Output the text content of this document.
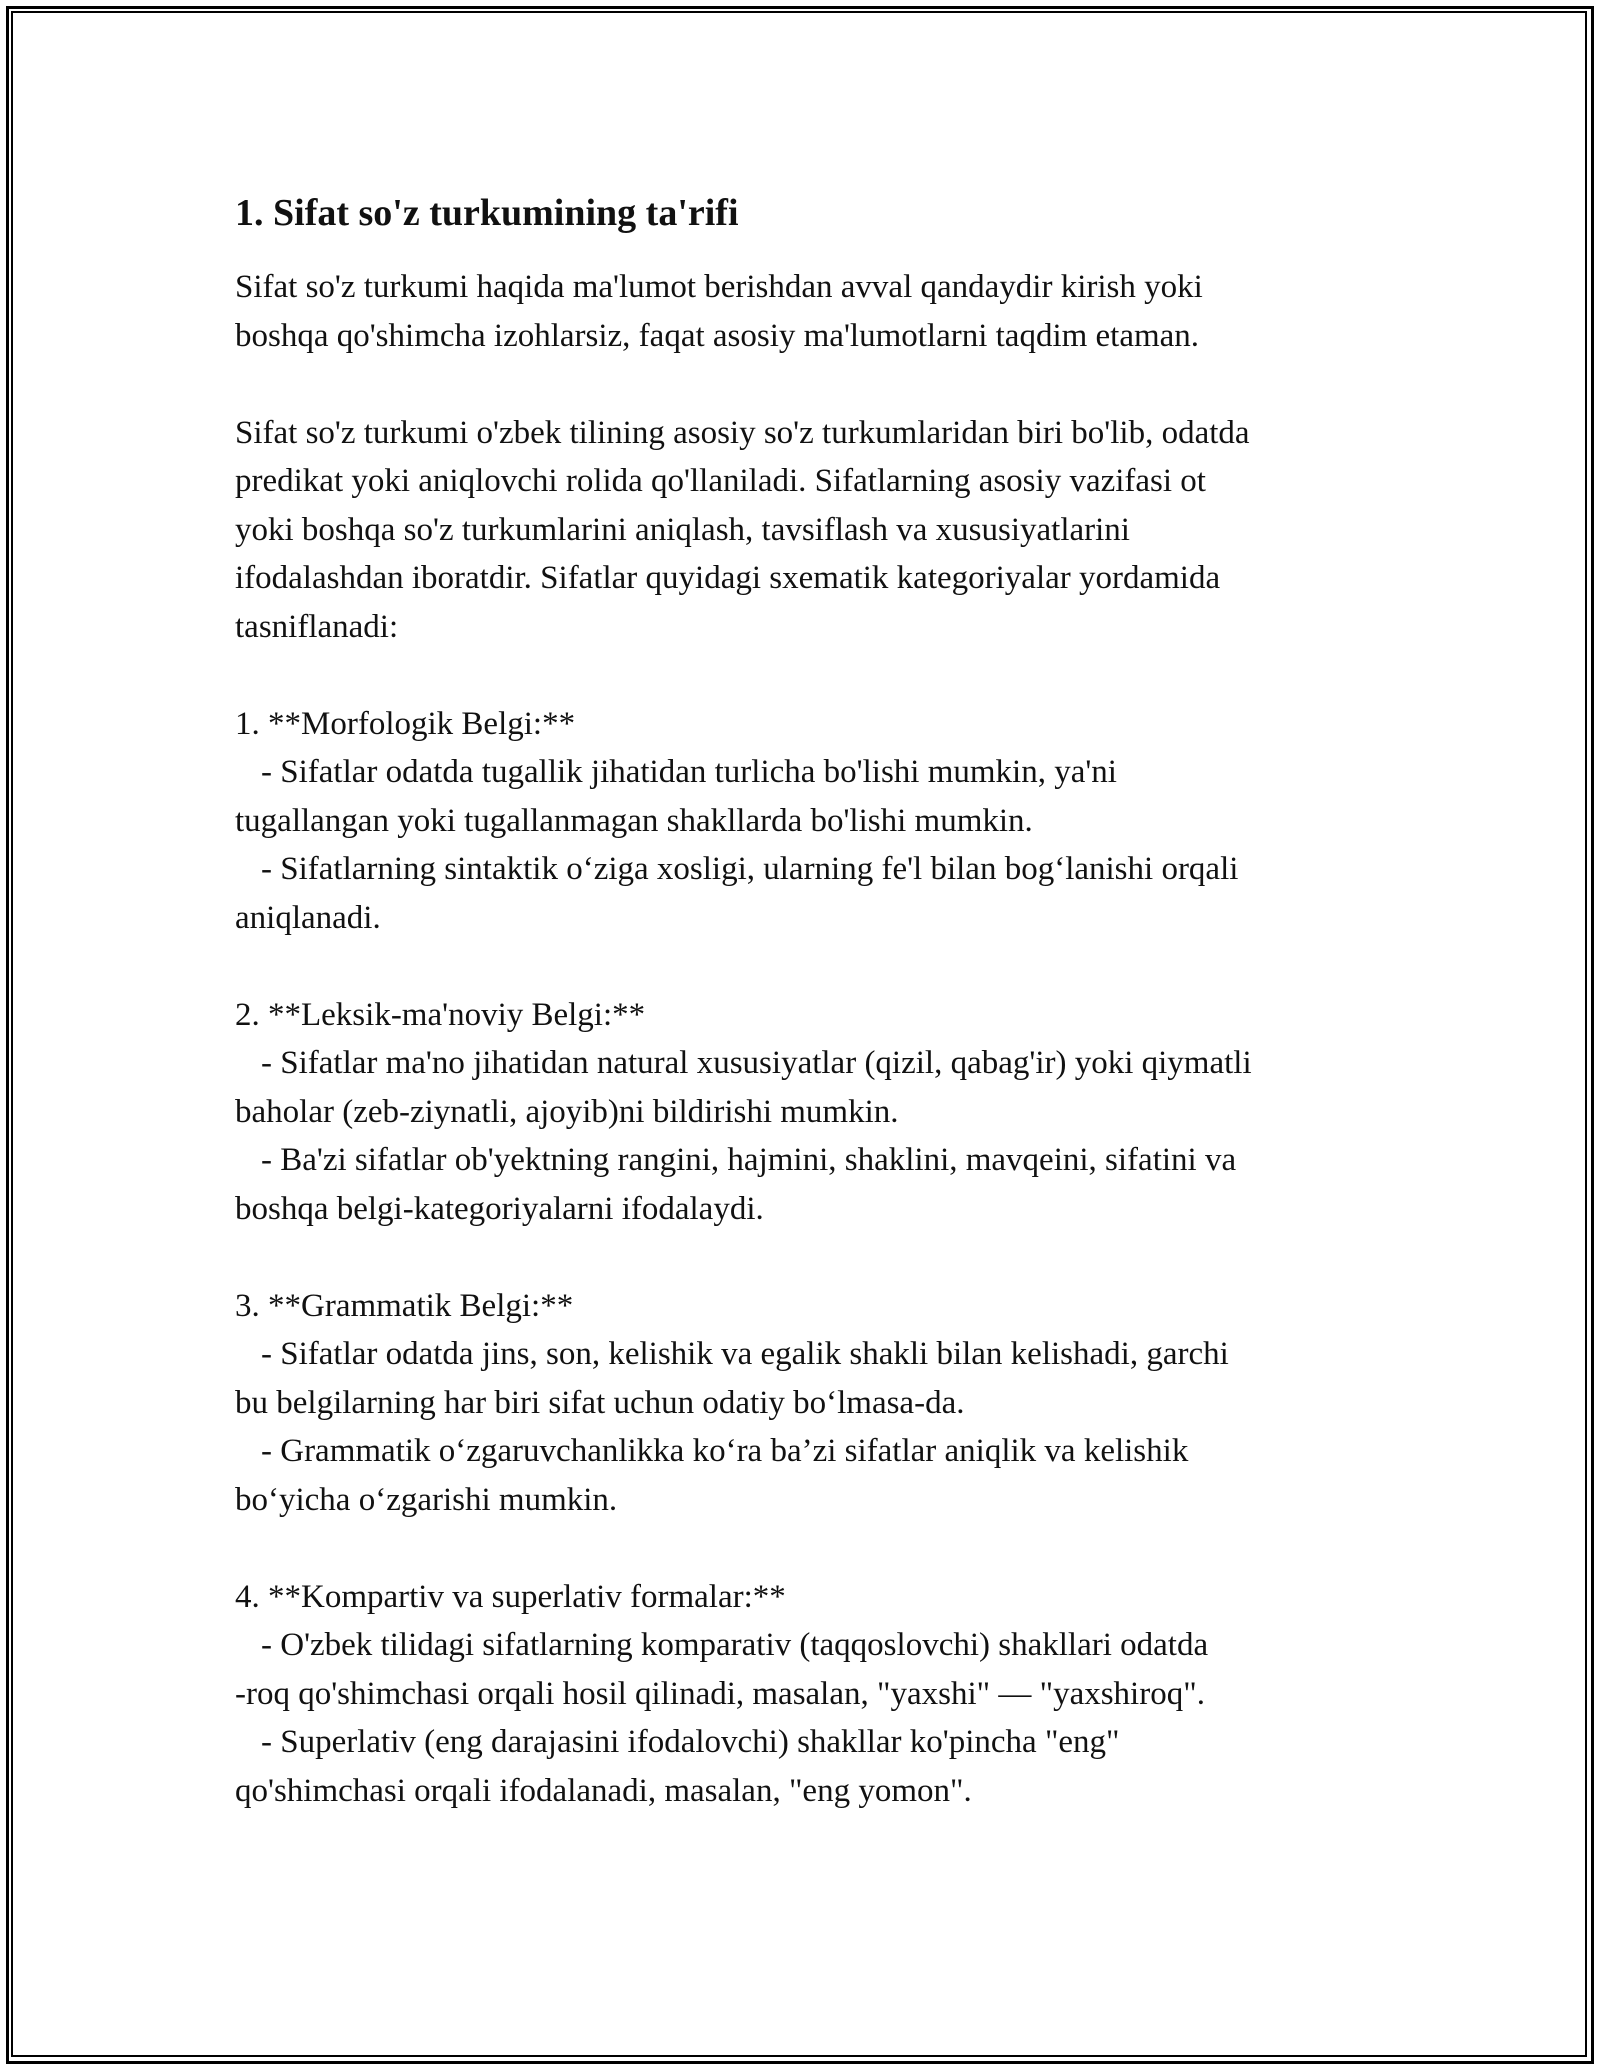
1. Sifat so'z turkumining ta'rifi
Sifat so'z turkumi haqida ma'lumot berishdan avval qandaydir kirish yoki
boshqa qo'shimcha izohlarsiz, faqat asosiy ma'lumotlarni taqdim etaman.
Sifat so'z turkumi o'zbek tilining asosiy so'z turkumlaridan biri bo'lib, odatda
predikat yoki aniqlovchi rolida qo'llaniladi. Sifatlarning asosiy vazifasi ot
yoki boshqa so'z turkumlarini aniqlash, tavsiflash va xususiyatlarini
ifodalashdan iboratdir. Sifatlar quyidagi sxematik kategoriyalar yordamida
tasniflanadi:
1. **Morfologik Belgi:**
- Sifatlar odatda tugallik jihatidan turlicha bo'lishi mumkin, ya'ni
tugallangan yoki tugallanmagan shakllarda bo'lishi mumkin.
- Sifatlarning sintaktik o‘ziga xosligi, ularning fe'l bilan bog‘lanishi orqali
aniqlanadi.
2. **Leksik-ma'noviy Belgi:**
- Sifatlar ma'no jihatidan natural xususiyatlar (qizil, qabag'ir) yoki qiymatli
baholar (zeb-ziynatli, ajoyib)ni bildirishi mumkin.
- Ba'zi sifatlar ob'yektning rangini, hajmini, shaklini, mavqeini, sifatini va
boshqa belgi-kategoriyalarni ifodalaydi.
3. **Grammatik Belgi:**
- Sifatlar odatda jins, son, kelishik va egalik shakli bilan kelishadi, garchi
bu belgilarning har biri sifat uchun odatiy bo‘lmasa-da.
- Grammatik o‘zgaruvchanlikka ko‘ra ba’zi sifatlar aniqlik va kelishik
bo‘yicha o‘zgarishi mumkin.
4. **Kompartiv va superlativ formalar:**
- O'zbek tilidagi sifatlarning komparativ (taqqoslovchi) shakllari odatda
-roq qo'shimchasi orqali hosil qilinadi, masalan, "yaxshi" — "yaxshiroq".
- Superlativ (eng darajasini ifodalovchi) shakllar ko'pincha "eng"
qo'shimchasi orqali ifodalanadi, masalan, "eng yomon".
